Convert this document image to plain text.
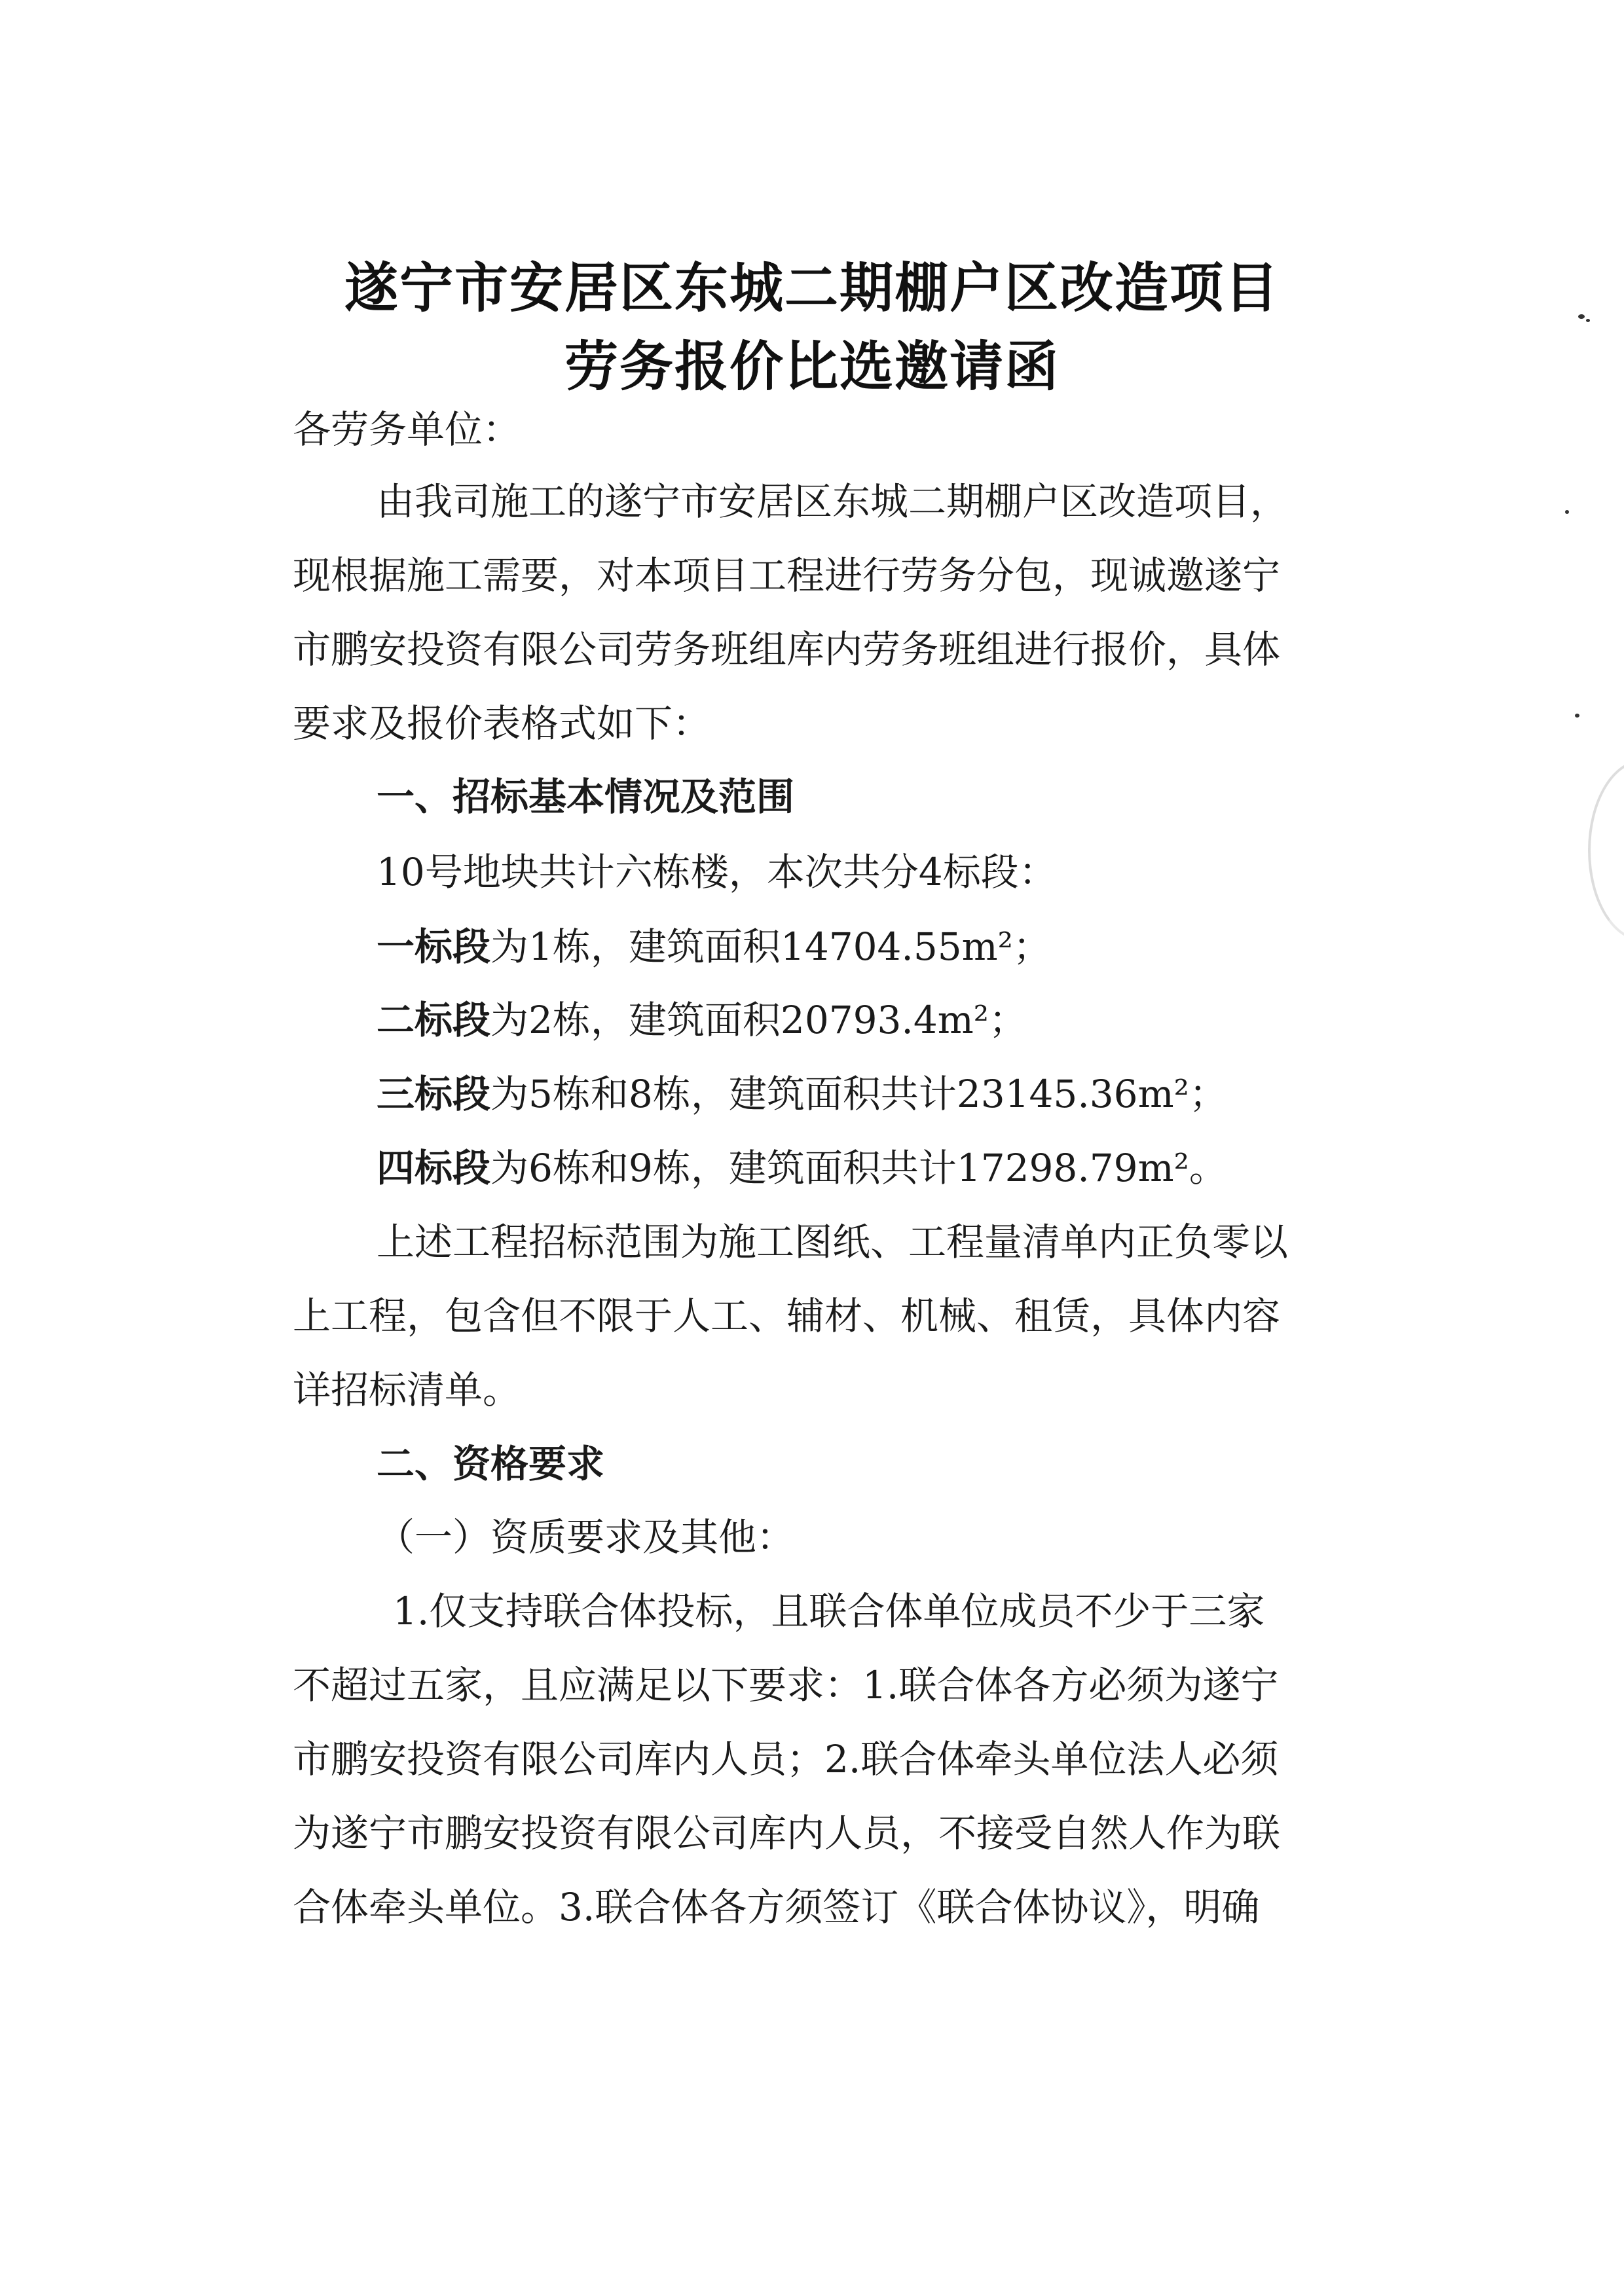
遂宁市安居区东城二期棚户区改造项目
劳务报价比选邀请函
各劳务单位：
由我司施工的遂宁市安居区东城二期棚户区改造项目，
现根据施工需要，对本项目工程进行劳务分包，现诚邀遂宁
市鹏安投资有限公司劳务班组库内劳务班组进行报价，具体
要求及报价表格式如下：
一、招标基本情况及范围
10号地块共计六栋楼，本次共分4标段：
一标段为1栋，建筑面积14704.55m²；
二标段为2栋，建筑面积20793.4m²；
三标段为5栋和8栋，建筑面积共计23145.36m²；
四标段为6栋和9栋，建筑面积共计17298.79m²。
上述工程招标范围为施工图纸、工程量清单内正负零以
上工程，包含但不限于人工、辅材、机械、租赁，具体内容
详招标清单。
二、资格要求
（一）资质要求及其他：
1.仅支持联合体投标，且联合体单位成员不少于三家
不超过五家，且应满足以下要求：1.联合体各方必须为遂宁
市鹏安投资有限公司库内人员；2.联合体牵头单位法人必须
为遂宁市鹏安投资有限公司库内人员，不接受自然人作为联
合体牵头单位。3.联合体各方须签订《联合体协议》，明确
